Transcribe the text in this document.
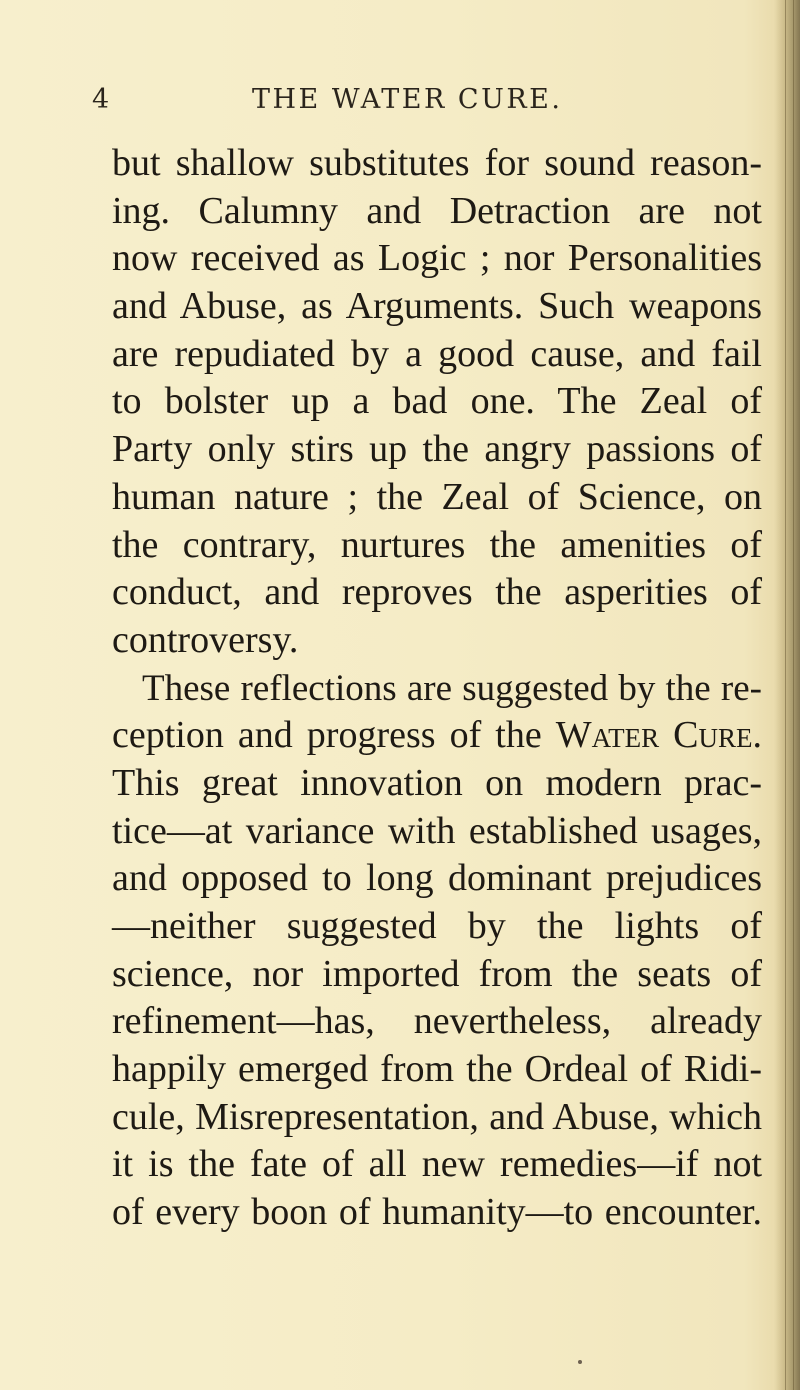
4	THE WATER CURE.
but shallow substitutes for sound reason-
ing. Calumny and Detraction are not
now received as Logic ; nor Personalities
and Abuse, as Arguments. Such weapons
are repudiated by a good cause, and fail
to bolster up a bad one. The Zeal of
Party only stirs up the angry passions of
human nature ; the Zeal of Science, on
the contrary, nurtures the amenities of
conduct, and reproves the asperities of
controversy.
These reflections are suggested by the re-
ception and progress of the Water Cure.
This great innovation on modern prac-
tice—at variance with established usages,
and opposed to long dominant prejudices
—neither suggested by the lights of
science, nor imported from the seats of
refinement—has, nevertheless, already
happily emerged from the Ordeal of Ridi-
cule, Misrepresentation, and Abuse, which
it is the fate of all new remedies—if not
of every boon of humanity—to encounter.
